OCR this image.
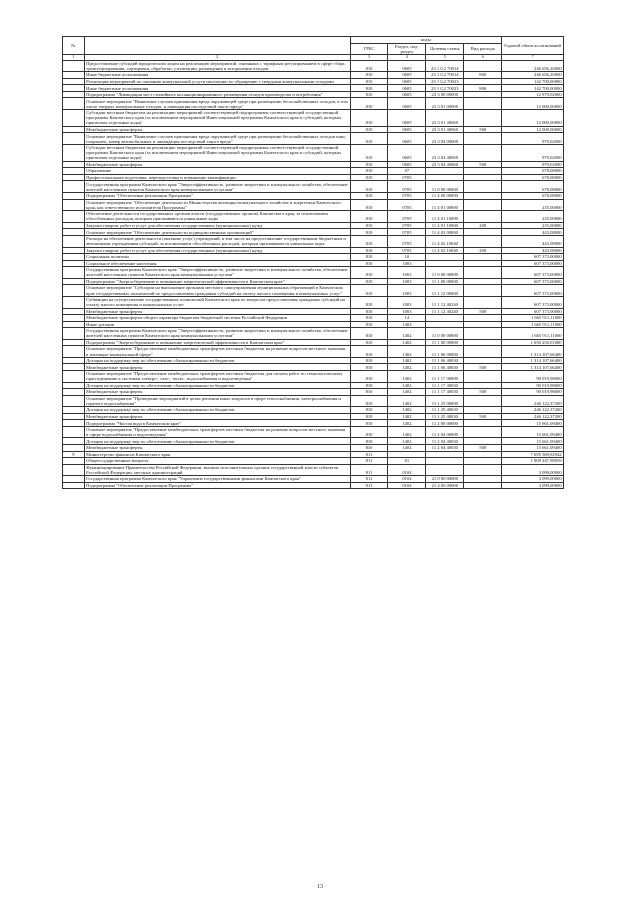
№		коды				Годовой объем ассигнований
		ГРБС	Раздел, под- раздел	Целевая статья	Вид расхода	
1	2	3	4	5	6	7
	Предоставление субсидий юридическим лицам на реализацию мероприятий, связанных с тарифным регулированием в сфере сбора, транспортирования, сортировки, обработки, утилизации, размещения и захоронения отходов	810	0605	23 1 G2 70014		246 656,20000
	Иные бюджетные ассигнования	810	0605	23 1 G2 70014	800	246 656,20000
	Реализация мероприятий по оказанию коммунальной услуги населению по обращению с твердыми коммунальными отходами	810	0605	23 1 G2 70023		142 700,00000
	Иные бюджетные ассигнования	810	0605	23 1 G2 70023	800	142 700,00000
	Подпрограмма "Ликвидация мест стихийного несанкционированного размещения отходов производства и потребления"	810	0605	23 3 00 00000		12 979,02000
	Основное мероприятие "Выявление случаев причинения вреда окружающей среде при размещении бесхозяйственных отходов, в том числе твердых коммунальных отходов, и ликвидация последствий такого вреда"	810	0605	23 3 01 00000		12 000,00000
	Субсидии местным бюджетам на реализацию мероприятий соответствующей подпрограммы соответствующей государственной программы Камчатского края (за исключением мероприятий Инвестиционной программы Камчатского края и субсидий, которым присвоены отдельные коды)	810	0605	23 3 01 40060		12 000,00000
	Межбюджетные трансферты	810	0605	23 3 01 40060	500	12 000,00000
	Основное мероприятие "Выявление случаев причинения вреда окружающей среде при размещении бесхозяйственных отходов шин, покрышек, камер автомобильных и ликвидация последствий такого вреда"	810	0605	23 3 04 00000		979,02000
	Субсидии местным бюджетам на реализацию мероприятий соответствующей подпрограммы соответствующей государственной программы Камчатского края (за исключением мероприятий Инвестиционной программы Камчатского края и субсидий, которым присвоены отдельные коды)	810	0605	23 3 04 40060		979,02000
	Межбюджетные трансферты	810	0605	23 3 04 40060	500	979,02000
	Образование	810	07			678,08000
	Профессиональная подготовка, переподготовка и повышение квалификации	810	0705			678,08000
	Государственная программа Камчатского края "Энергоэффективность, развитие энергетики и коммунального хозяйства, обеспечение жителей населенных пунктов Камчатского края коммунальными услугами"	810	0705	11 0 00 00000		678,08000
	Подпрограмма "Обеспечение реализации Программы"	810	0705	11 4 00 00000		678,08000
	Основное мероприятие "Обеспечение деятельности Министерства жилищно-коммунального хозяйства и энергетики Камчатского края, как ответственного исполнителя Программы"	810	0705	11 4 01 00000		235,00000
	Обеспечение деятельности государственных органов власти (государственных органов) Камчатского края, за исключением обособленных расходов, которым присваиваются уникальные коды	810	0705	11 4 01 10000		235,00000
	Закупка товаров, работ и услуг для обеспечения государственных (муниципальных) нужд	810	0705	11 4 01 10000	200	235,00000
	Основное мероприятие "Обеспечение деятельности подведомственных организаций"	810	0705	11 4 02 00000		443,08000
	Расходы на обеспечение деятельности (оказание услуг) учреждений, в том числе на предоставление государственным бюджетным и автономным учреждениям субсидий, за исключением обособленных расходов, которым присваиваются уникальные коды	810	0705	11 4 02 10040		443,08000
	Закупка товаров, работ и услуг для обеспечения государственных (муниципальных) нужд	810	0705	11 4 02 10040	200	443,08000
	Социальная политика	810	10			607 373,00000
	Социальное обеспечение населения	810	1003			607 373,00000
	Государственная программа Камчатского края "Энергоэффективность, развитие энергетики и коммунального хозяйства, обеспечение жителей населенных пунктов Камчатского края коммунальными услугами"	810	1003	11 0 00 00000		607 373,00000
	Подпрограмма "Энергосбережение и повышение энергетической эффективности в Камчатском крае"	810	1003	11 1 00 00000		607 373,00000
	Основное мероприятие "Субсидии на выполнение органами местного самоуправления муниципальных образований в Камчатском крае государственных полномочий по предоставлению гражданам субсидий на оплату жилого помещения и коммунальных услуг"	810	1003	11 1 12 00000		607 373,00000
	Субвенции на осуществление государственных полномочий Камчатского края по вопросам предоставления гражданам субсидий на оплату жилого помещения и коммунальных услуг	810	1003	11 1 12 40240		607 373,00000
	Межбюджетные трансферты	810	1003	11 1 12 40240	500	607 373,00000
	Межбюджетные трансферты общего характера бюджетам бюджетной системы Российской Федерации	810	14			1 665 911,11000
	Иные дотации	810	1402			1 665 911,11000
	Государственная программа Камчатского края "Энергоэффективность, развитие энергетики и коммунального хозяйства, обеспечение жителей населенных пунктов Камчатского края коммунальными услугами"	810	1402	11 0 00 00000		1 665 911,11000
	Подпрограмма "Энергосбережение и повышение энергетической эффективности в Камчатском крае"	810	1402	11 1 00 00000		1 650 250,01000
	Основное мероприятие "Предоставление межбюджетных трансфертов местным бюджетам на решение вопросов местного значения в жилищно-коммунальной сфере"	810	1402	11 1 06 00000		1 314 107,66400
	Дотации на поддержку мер по обеспечению сбалансированности бюджетов	810	1402	11 1 06 40030		1 314 107,66400
	Межбюджетные трансферты	810	1402	11 1 06 40030	500	1 314 107,66400
	Основное мероприятие "Предоставление межбюджетных трансфертов местным бюджетам для оплаты работ по технологическому присоединению к системам электро-, газо-, тепло-, водоснабжения и водоотведения"	810	1402	11 1 17 00000		90 019,98000
	Дотации на поддержку мер по обеспечению сбалансированности бюджетов	810	1402	11 1 17 40030		90 019,98000
	Межбюджетные трансферты	810	1402	11 1 17 40030	500	90 019,98000
	Основное мероприятие "Проведение мероприятий в целях решения иных вопросов в сфере теплоснабжения, электроснабжения и горячего водоснабжения"	810	1402	11 1 25 00000		246 122,37200
	Дотации на поддержку мер по обеспечению сбалансированности бюджетов	810	1402	11 1 25 40030		246 122,37200
	Межбюджетные трансферты	810	1402	11 1 25 40030	500	246 122,37200
	Подпрограмма "Чистая вода в Камчатском крае"	810	1402	11 2 00 00000		15 661,09400
	Основное мероприятие "Предоставление межбюджетных трансфертов местным бюджетам на решение вопросов местного значения в сфере водоснабжения и водоотведения"	810	1402	11 2 04 00000		15 661,09400
	Дотации на поддержку мер по обеспечению сбалансированности бюджетов	810	1402	11 2 04 40030		15 661,09400
	Межбюджетные трансферты	810	1402	11 2 04 40030	500	15 661,09400
9	Министерство финансов Камчатского края	811				7 695 569,92942
	Общегосударственные вопросы	811	01			1 909 247,98939
	Функционирование Правительства Российской Федерации, высших исполнительных органов государственной власти субъектов Российской Федерации, местных администраций	811	0104			3 099,00000
	Государственная программа Камчатского края "Управление государственными финансами Камчатского края"	811	0104	21 0 00 00000		3 099,00000
	Подпрограмма "Обеспечение реализации Программы"	811	0104	21 4 00 00000		3 099,00000
13
